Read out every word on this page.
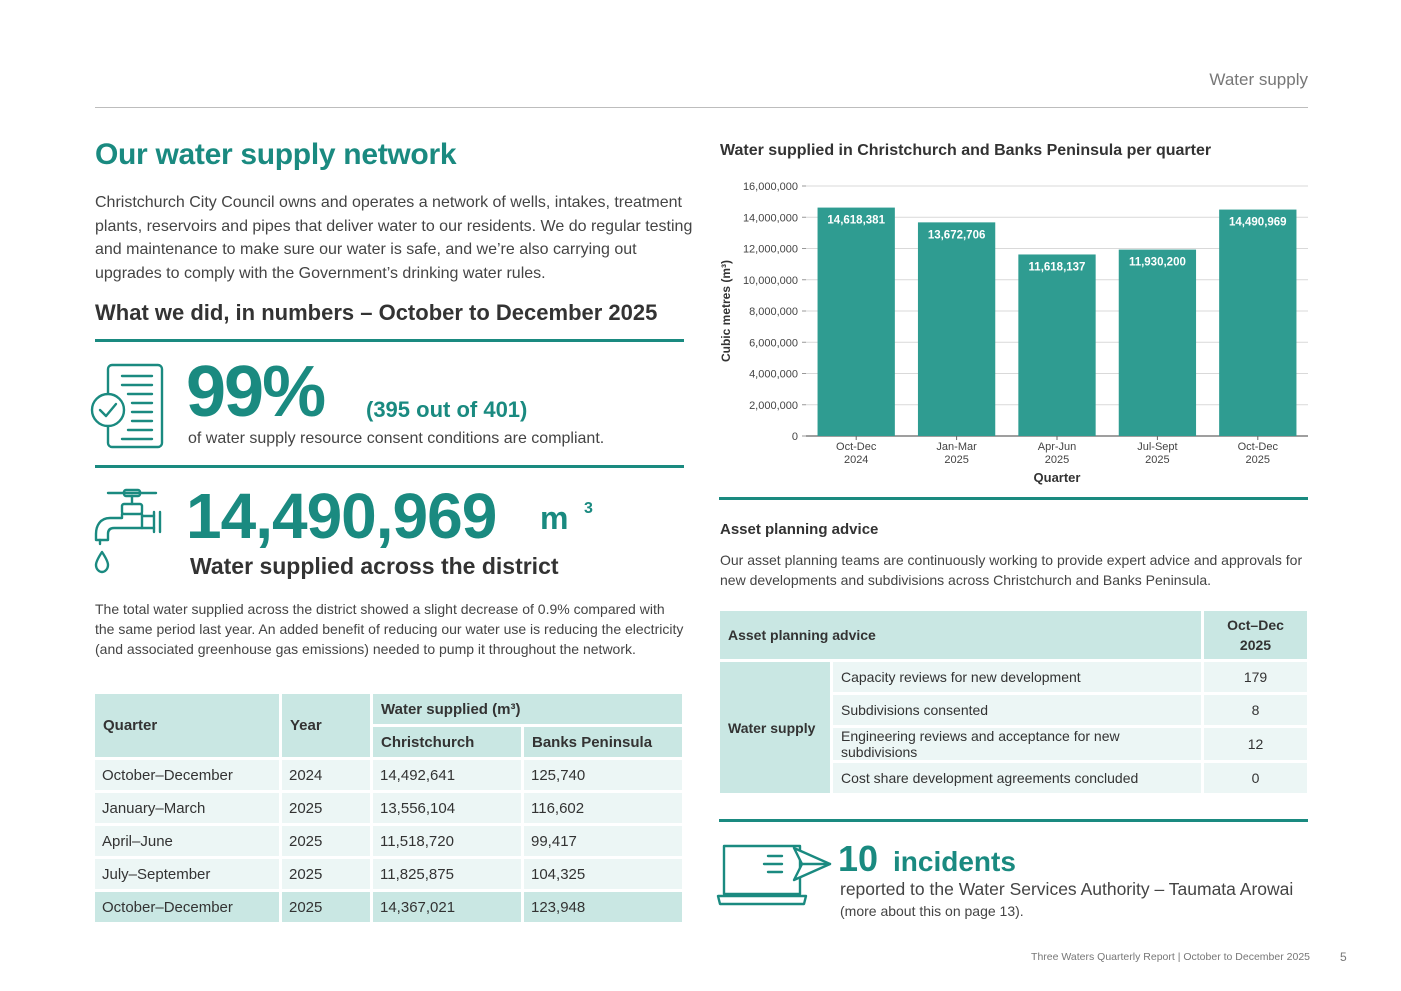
Water supply
Our water supply network
Christchurch City Council owns and operates a network of wells, intakes, treatment plants, reservoirs and pipes that deliver water to our residents. We do regular testing and maintenance to make sure our water is safe, and we’re also carrying out upgrades to comply with the Government’s drinking water rules.
What we did, in numbers – October to December 2025
99% (395 out of 401)
of water supply resource consent conditions are compliant.
14,490,969 m 3
Water supplied across the district
The total water supplied across the district showed a slight decrease of 0.9% compared with the same period last year. An added benefit of reducing our water use is reducing the electricity (and associated greenhouse gas emissions) needed to pump it throughout the network.
Quarter	Year	Water supplied (m³)	
		Christchurch	Banks Peninsula
October–December	2024	14,492,641	125,740
January–March	2025	13,556,104	116,602
April–June	2025	11,518,720	99,417
July–September	2025	11,825,875	104,325
October–December	2025	14,367,021	123,948
Water supplied in Christchurch and Banks Peninsula per quarter
0
2,000,000
4,000,000
6,000,000
8,000,000
10,000,000
12,000,000
14,000,000
16,000,000
14,618,381
Oct-Dec
2024
13,672,706
Jan-Mar
2025
11,618,137
Apr-Jun
2025
11,930,200
Jul-Sept
2025
14,490,969
Oct-Dec
2025
Quarter
Cubic metres (m³)
Asset planning advice
Our asset planning teams are continuously working to provide expert advice and approvals for new developments and subdivisions across Christchurch and Banks Peninsula.
Asset planning advice		Oct–Dec
2025
Water supply	Capacity reviews for new development	179
	Subdivisions consented	8
	Engineering reviews and acceptance for new subdivisions	12
	Cost share development agreements concluded	0
10 incidents
reported to the Water Services Authority – Taumata Arowai
(more about this on page 13).
Three Waters Quarterly Report | October to December 2025	5
